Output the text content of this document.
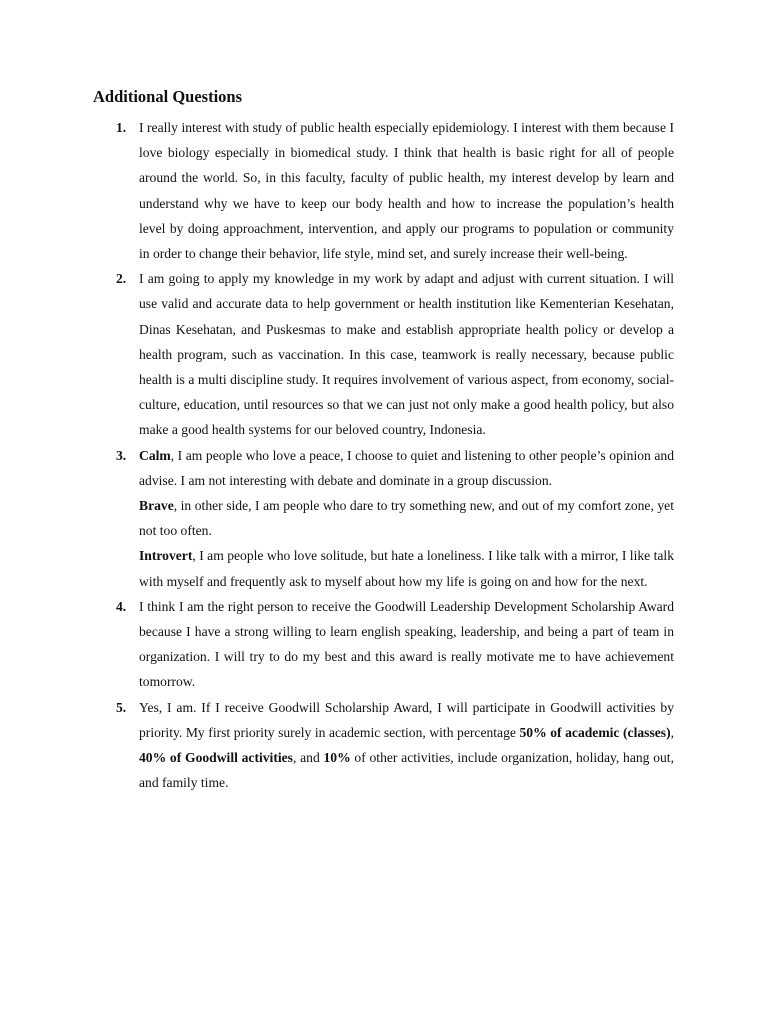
Additional Questions
1. I really interest with study of public health especially epidemiology. I interest with them because I love biology especially in biomedical study. I think that health is basic right for all of people around the world. So, in this faculty, faculty of public health, my interest develop by learn and understand why we have to keep our body health and how to increase the population’s health level by doing approachment, intervention, and apply our programs to population or community in order to change their behavior, life style, mind set, and surely increase their well-being.

2. I am going to apply my knowledge in my work by adapt and adjust with current situation. I will use valid and accurate data to help government or health institution like Kementerian Kesehatan, Dinas Kesehatan, and Puskesmas to make and establish appropriate health policy or develop a health program, such as vaccination. In this case, teamwork is really necessary, because public health is a multi discipline study. It requires involvement of various aspect, from economy, social-culture, education, until resources so that we can just not only make a good health policy, but also make a good health systems for our beloved country, Indonesia.

3. Calm, I am people who love a peace, I choose to quiet and listening to other people’s opinion and advise. I am not interesting with debate and dominate in a group discussion.

Brave, in other side, I am people who dare to try something new, and out of my comfort zone, yet not too often.

Introvert, I am people who love solitude, but hate a loneliness. I like talk with a mirror, I like talk with myself and frequently ask to myself about how my life is going on and how for the next.

4. I think I am the right person to receive the Goodwill Leadership Development Scholarship Award because I have a strong willing to learn english speaking, leadership, and being a part of team in organization. I will try to do my best and this award is really motivate me to have achievement tomorrow.

5. Yes, I am. If I receive Goodwill Scholarship Award, I will participate in Goodwill activities by priority. My first priority surely in academic section, with percentage 50% of academic (classes), 40% of Goodwill activities, and 10% of other activities, include organization, holiday, hang out, and family time.
